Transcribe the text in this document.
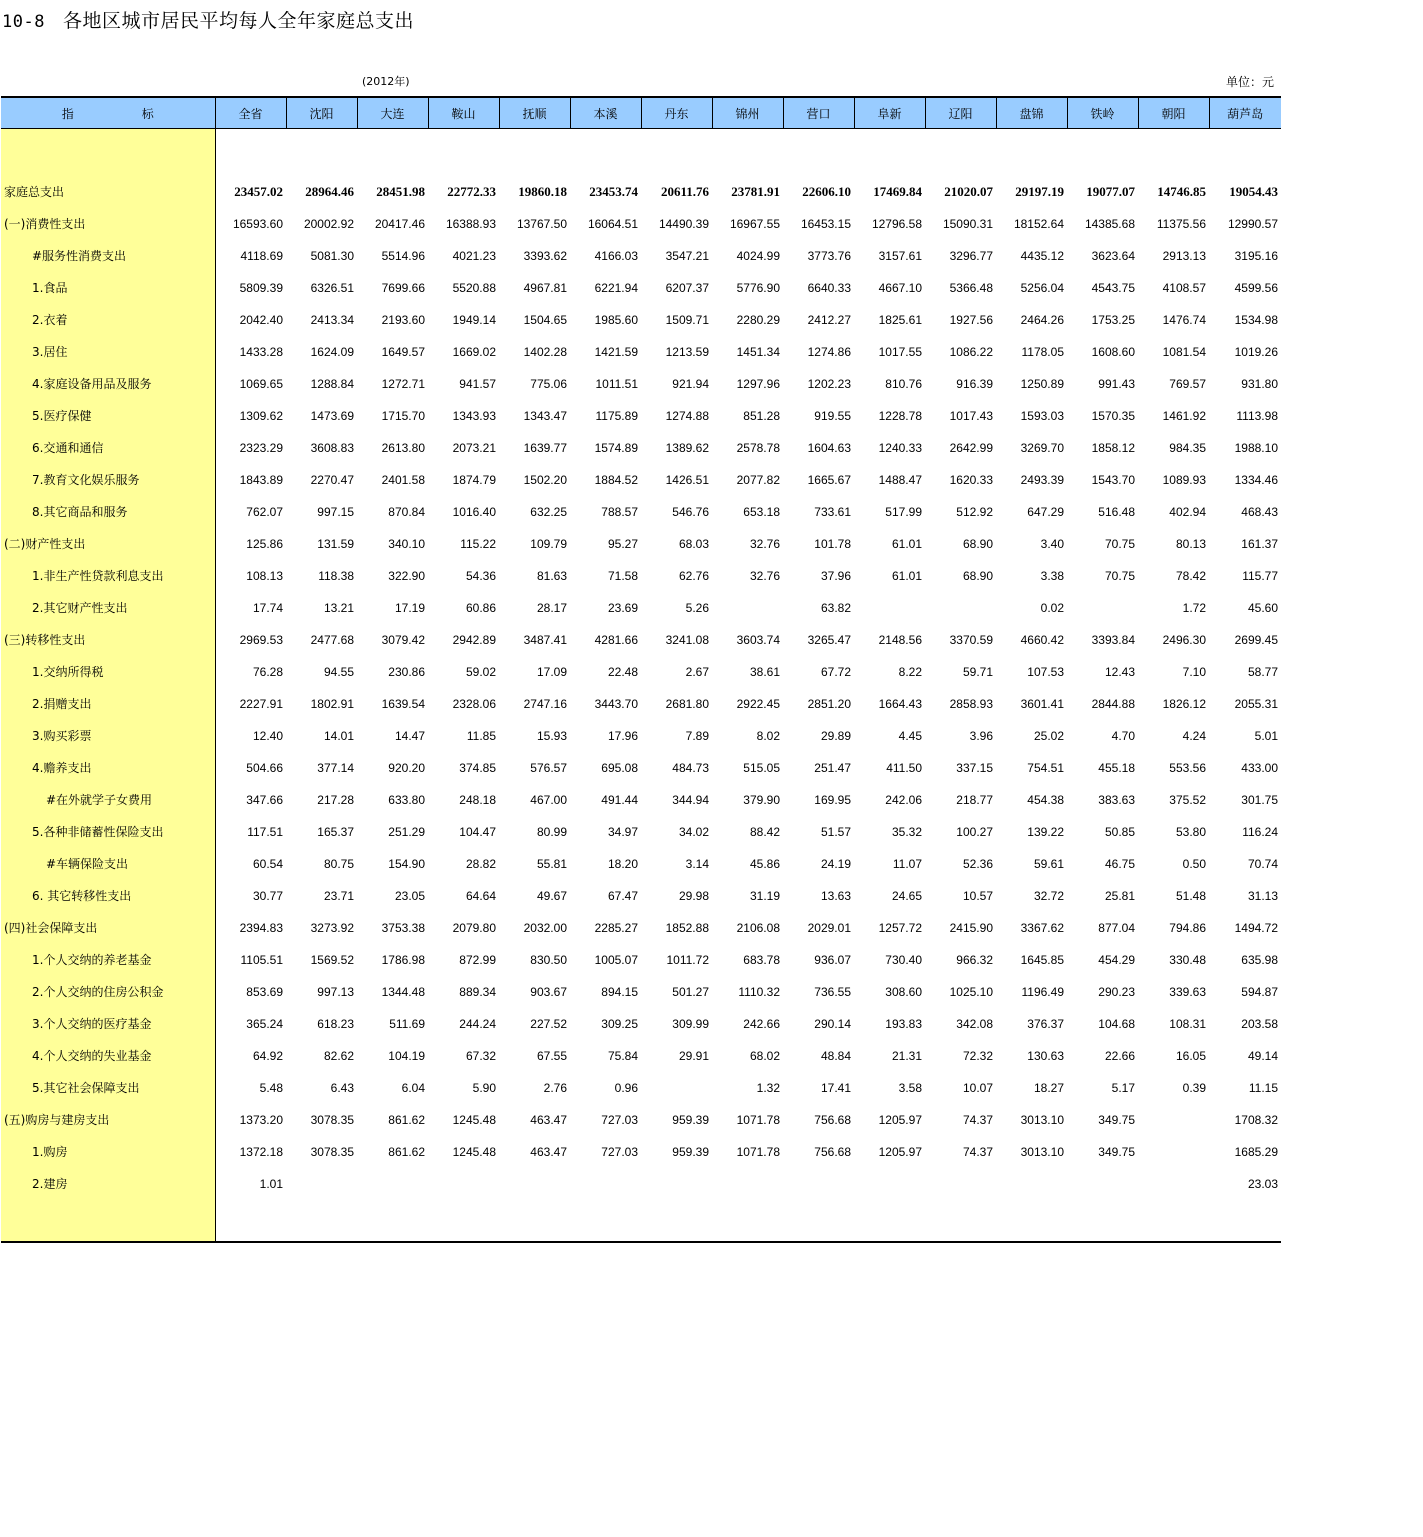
10-8 各地区城市居民平均每人全年家庭总支出
(2012年)	单位：元
指　标	全省	沈阳	大连	鞍山	抚顺	本溪	丹东	锦州	营口	阜新	辽阳	盘锦	铁岭	朝阳	葫芦岛

家庭总支出	23457.02	28964.46	28451.98	22772.33	19860.18	23453.74	20611.76	23781.91	22606.10	17469.84	21020.07	29197.19	19077.07	14746.85	19054.43
(一)消费性支出	16593.60	20002.92	20417.46	16388.93	13767.50	16064.51	14490.39	16967.55	16453.15	12796.58	15090.31	18152.64	14385.68	11375.56	12990.57
#服务性消费支出	4118.69	5081.30	5514.96	4021.23	3393.62	4166.03	3547.21	4024.99	3773.76	3157.61	3296.77	4435.12	3623.64	2913.13	3195.16
1.食品	5809.39	6326.51	7699.66	5520.88	4967.81	6221.94	6207.37	5776.90	6640.33	4667.10	5366.48	5256.04	4543.75	4108.57	4599.56
2.衣着	2042.40	2413.34	2193.60	1949.14	1504.65	1985.60	1509.71	2280.29	2412.27	1825.61	1927.56	2464.26	1753.25	1476.74	1534.98
3.居住	1433.28	1624.09	1649.57	1669.02	1402.28	1421.59	1213.59	1451.34	1274.86	1017.55	1086.22	1178.05	1608.60	1081.54	1019.26
4.家庭设备用品及服务	1069.65	1288.84	1272.71	941.57	775.06	1011.51	921.94	1297.96	1202.23	810.76	916.39	1250.89	991.43	769.57	931.80
5.医疗保健	1309.62	1473.69	1715.70	1343.93	1343.47	1175.89	1274.88	851.28	919.55	1228.78	1017.43	1593.03	1570.35	1461.92	1113.98
6.交通和通信	2323.29	3608.83	2613.80	2073.21	1639.77	1574.89	1389.62	2578.78	1604.63	1240.33	2642.99	3269.70	1858.12	984.35	1988.10
7.教育文化娱乐服务	1843.89	2270.47	2401.58	1874.79	1502.20	1884.52	1426.51	2077.82	1665.67	1488.47	1620.33	2493.39	1543.70	1089.93	1334.46
8.其它商品和服务	762.07	997.15	870.84	1016.40	632.25	788.57	546.76	653.18	733.61	517.99	512.92	647.29	516.48	402.94	468.43
(二)财产性支出	125.86	131.59	340.10	115.22	109.79	95.27	68.03	32.76	101.78	61.01	68.90	3.40	70.75	80.13	161.37
1.非生产性贷款利息支出	108.13	118.38	322.90	54.36	81.63	71.58	62.76	32.76	37.96	61.01	68.90	3.38	70.75	78.42	115.77
2.其它财产性支出	17.74	13.21	17.19	60.86	28.17	23.69	5.26		63.82			0.02		1.72	45.60
(三)转移性支出	2969.53	2477.68	3079.42	2942.89	3487.41	4281.66	3241.08	3603.74	3265.47	2148.56	3370.59	4660.42	3393.84	2496.30	2699.45
1.交纳所得税	76.28	94.55	230.86	59.02	17.09	22.48	2.67	38.61	67.72	8.22	59.71	107.53	12.43	7.10	58.77
2.捐赠支出	2227.91	1802.91	1639.54	2328.06	2747.16	3443.70	2681.80	2922.45	2851.20	1664.43	2858.93	3601.41	2844.88	1826.12	2055.31
3.购买彩票	12.40	14.01	14.47	11.85	15.93	17.96	7.89	8.02	29.89	4.45	3.96	25.02	4.70	4.24	5.01
4.赡养支出	504.66	377.14	920.20	374.85	576.57	695.08	484.73	515.05	251.47	411.50	337.15	754.51	455.18	553.56	433.00
#在外就学子女费用	347.66	217.28	633.80	248.18	467.00	491.44	344.94	379.90	169.95	242.06	218.77	454.38	383.63	375.52	301.75
5.各种非储蓄性保险支出	117.51	165.37	251.29	104.47	80.99	34.97	34.02	88.42	51.57	35.32	100.27	139.22	50.85	53.80	116.24
#车辆保险支出	60.54	80.75	154.90	28.82	55.81	18.20	3.14	45.86	24.19	11.07	52.36	59.61	46.75	0.50	70.74
6. 其它转移性支出	30.77	23.71	23.05	64.64	49.67	67.47	29.98	31.19	13.63	24.65	10.57	32.72	25.81	51.48	31.13
(四)社会保障支出	2394.83	3273.92	3753.38	2079.80	2032.00	2285.27	1852.88	2106.08	2029.01	1257.72	2415.90	3367.62	877.04	794.86	1494.72
1.个人交纳的养老基金	1105.51	1569.52	1786.98	872.99	830.50	1005.07	1011.72	683.78	936.07	730.40	966.32	1645.85	454.29	330.48	635.98
2.个人交纳的住房公积金	853.69	997.13	1344.48	889.34	903.67	894.15	501.27	1110.32	736.55	308.60	1025.10	1196.49	290.23	339.63	594.87
3.个人交纳的医疗基金	365.24	618.23	511.69	244.24	227.52	309.25	309.99	242.66	290.14	193.83	342.08	376.37	104.68	108.31	203.58
4.个人交纳的失业基金	64.92	82.62	104.19	67.32	67.55	75.84	29.91	68.02	48.84	21.31	72.32	130.63	22.66	16.05	49.14
5.其它社会保障支出	5.48	6.43	6.04	5.90	2.76	0.96		1.32	17.41	3.58	10.07	18.27	5.17	0.39	11.15
(五)购房与建房支出	1373.20	3078.35	861.62	1245.48	463.47	727.03	959.39	1071.78	756.68	1205.97	74.37	3013.10	349.75		1708.32
1.购房	1372.18	3078.35	861.62	1245.48	463.47	727.03	959.39	1071.78	756.68	1205.97	74.37	3013.10	349.75		1685.29
2.建房	1.01														23.03
